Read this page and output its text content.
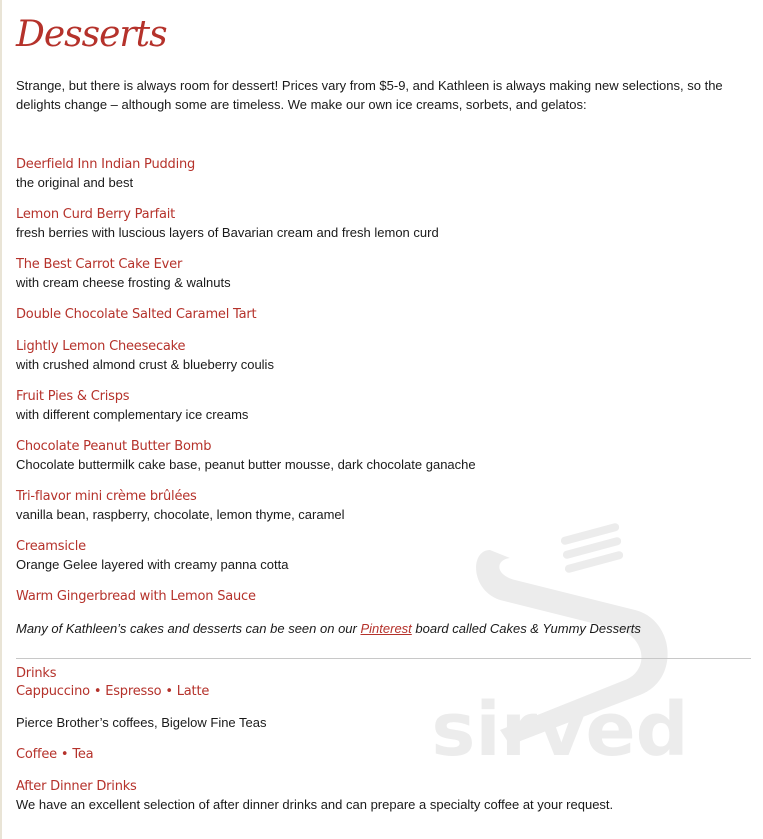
sirved
Desserts

Strange, but there is always room for dessert! Prices vary from $5-9, and Kathleen is always making new selections, so the delights change – although some are timeless. We make our own ice creams, sorbets, and gelatos:

Deerfield Inn Indian Pudding
the original and best
Lemon Curd Berry Parfait
fresh berries with luscious layers of Bavarian cream and fresh lemon curd
The Best Carrot Cake Ever
with cream cheese frosting & walnuts
Double Chocolate Salted Caramel Tart
Lightly Lemon Cheesecake
with crushed almond crust & blueberry coulis
Fruit Pies & Crisps
with different complementary ice creams
Chocolate Peanut Butter Bomb
Chocolate buttermilk cake base, peanut butter mousse, dark chocolate ganache
Tri-flavor mini crème brûlées
vanilla bean, raspberry, chocolate, lemon thyme, caramel
Creamsicle
Orange Gelee layered with creamy panna cotta
Warm Gingerbread with Lemon Sauce

Many of Kathleen’s cakes and desserts can be seen on our Pinterest board called Cakes & Yummy Desserts

Drinks
Cappuccino • Espresso • Latte
Pierce Brother’s coffees, Bigelow Fine Teas
Coffee • Tea
After Dinner Drinks
We have an excellent selection of after dinner drinks and can prepare a specialty coffee at your request.
